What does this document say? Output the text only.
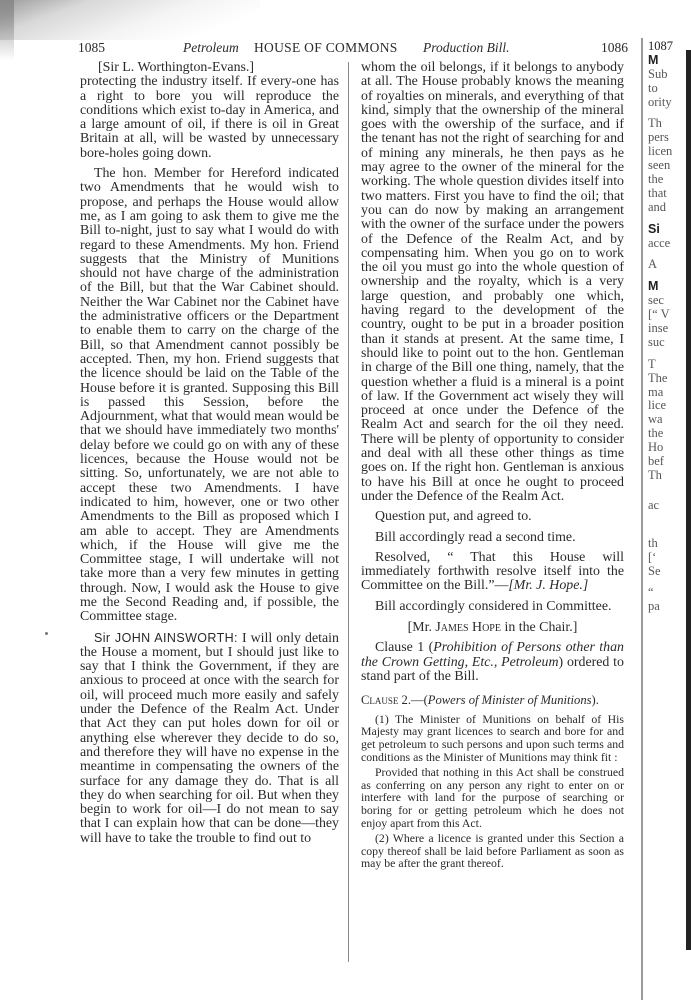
1085	Petroleum HOUSE OF COMMONS Production Bill.	1086

[Sir L. Worthington-Evans.]

protecting the industry itself. If every-one has a right to bore you will reproduce the conditions which exist to-day in America, and a large amount of oil, if there is oil in Great Britain at all, will be wasted by unnecessary bore-holes going down.

The hon. Member for Hereford indicated two Amendments that he would wish to propose, and perhaps the House would allow me, as I am going to ask them to give me the Bill to-night, just to say what I would do with regard to these Amendments. My hon. Friend suggests that the Ministry of Munitions should not have charge of the administration of the Bill, but that the War Cabinet should. Neither the War Cabinet nor the Cabinet have the administrative officers or the Department to enable them to carry on the charge of the Bill, so that Amendment cannot possibly be accepted. Then, my hon. Friend suggests that the licence should be laid on the Table of the House before it is granted. Supposing this Bill is passed this Session, before the Adjournment, what that would mean would be that we should have immediately two months' delay before we could go on with any of these licences, because the House would not be sitting. So, unfortunately, we are not able to accept these two Amendments. I have indicated to him, however, one or two other Amendments to the Bill as proposed which I am able to accept. They are Amendments which, if the House will give me the Committee stage, I will undertake will not take more than a very few minutes in getting through. Now, I would ask the House to give me the Second Reading and, if possible, the Committee stage.

Sir JOHN AINSWORTH: I will only detain the House a moment, but I should just like to say that I think the Government, if they are anxious to proceed at once with the search for oil, will proceed much more easily and safely under the Defence of the Realm Act. Under that Act they can put holes down for oil or anything else wherever they decide to do so, and therefore they will have no expense in the meantime in compensating the owners of the surface for any damage they do. That is all they do when searching for oil. But when they begin to work for oil—I do not mean to say that I can explain how that can be done—they will have to take the trouble to find out to

whom the oil belongs, if it belongs to anybody at all. The House probably knows the meaning of royalties on minerals, and everything of that kind, simply that the ownership of the mineral goes with the owership of the surface, and if the tenant has not the right of searching for and of mining any minerals, he then pays as he may agree to the owner of the mineral for the working. The whole question divides itself into two matters. First you have to find the oil; that you can do now by making an arrangement with the owner of the surface under the powers of the Defence of the Realm Act, and by compensating him. When you go on to work the oil you must go into the whole question of ownership and the royalty, which is a very large question, and probably one which, having regard to the development of the country, ought to be put in a broader position than it stands at present. At the same time, I should like to point out to the hon. Gentleman in charge of the Bill one thing, namely, that the question whether a fluid is a mineral is a point of law. If the Government act wisely they will proceed at once under the Defence of the Realm Act and search for the oil they need. There will be plenty of opportunity to consider and deal with all these other things as time goes on. If the right hon. Gentleman is anxious to have his Bill at once he ought to proceed under the Defence of the Realm Act.

Question put, and agreed to.

Bill accordingly read a second time.

Resolved, “ That this House will immediately forthwith resolve itself into the Committee on the Bill.”—[Mr. J. Hope.]

Bill accordingly considered in Committee.

[Mr. James Hope in the Chair.]

Clause 1 (Prohibition of Persons other than the Crown Getting, Etc., Petroleum) ordered to stand part of the Bill.

Clause 2.—(Powers of Minister of Munitions).

(1) The Minister of Munitions on behalf of His Majesty may grant licences to search and bore for and get petroleum to such persons and upon such terms and conditions as the Minister of Munitions may think fit :

Provided that nothing in this Act shall be construed as conferring on any person any right to enter on or interfere with land for the purpose of searching or boring for or getting petroleum which he does not enjoy apart from this Act.

(2) Where a licence is granted under this Section a copy thereof shall be laid before Parliament as soon as may be after the grant thereof.

1087
M
Sub
to
ority
Th
pers
licen
seen
the
that
and
Si
acce
A
M
sec
[“ V
inse
suc
T
The
ma
lice
wa
the
Ho
bef
Th
ac
th
[‘
Se
“
pa
